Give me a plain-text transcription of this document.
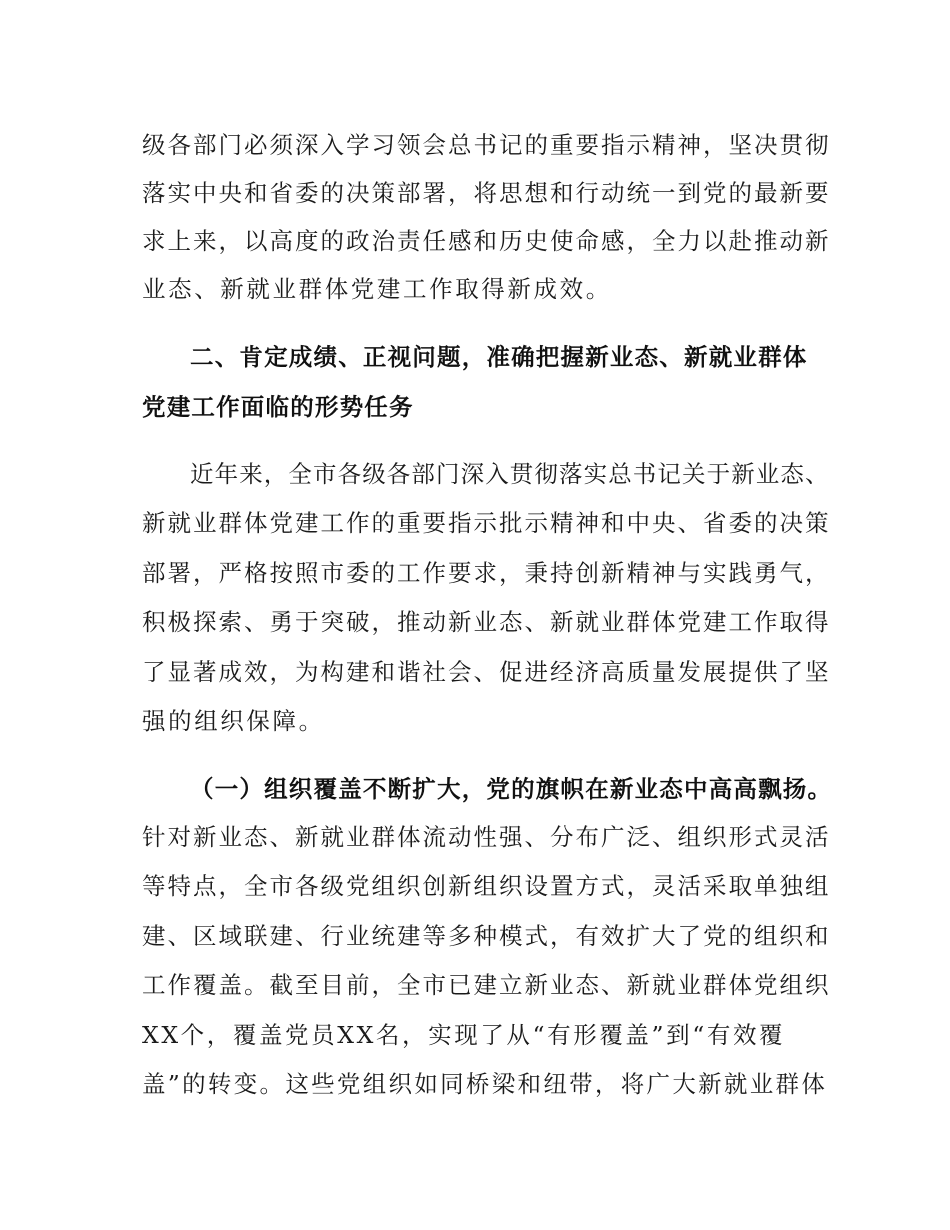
级各部门必须深入学习领会总书记的重要指示精神，坚决贯彻
落实中央和省委的决策部署，将思想和行动统一到党的最新要
求上来，以高度的政治责任感和历史使命感，全力以赴推动新
业态、新就业群体党建工作取得新成效。
二、肯定成绩、正视问题，准确把握新业态、新就业群体
党建工作面临的形势任务
近年来，全市各级各部门深入贯彻落实总书记关于新业态、
新就业群体党建工作的重要指示批示精神和中央、省委的决策
部署，严格按照市委的工作要求，秉持创新精神与实践勇气，
积极探索、勇于突破，推动新业态、新就业群体党建工作取得
了显著成效，为构建和谐社会、促进经济高质量发展提供了坚
强的组织保障。
（一）组织覆盖不断扩大，党的旗帜在新业态中高高飘扬。
针对新业态、新就业群体流动性强、分布广泛、组织形式灵活
等特点，全市各级党组织创新组织设置方式，灵活采取单独组
建、区域联建、行业统建等多种模式，有效扩大了党的组织和
工作覆盖。截至目前，全市已建立新业态、新就业群体党组织
XX个，覆盖党员XX名，实现了从“有形覆盖”到“有效覆
盖”的转变。这些党组织如同桥梁和纽带，将广大新就业群体
